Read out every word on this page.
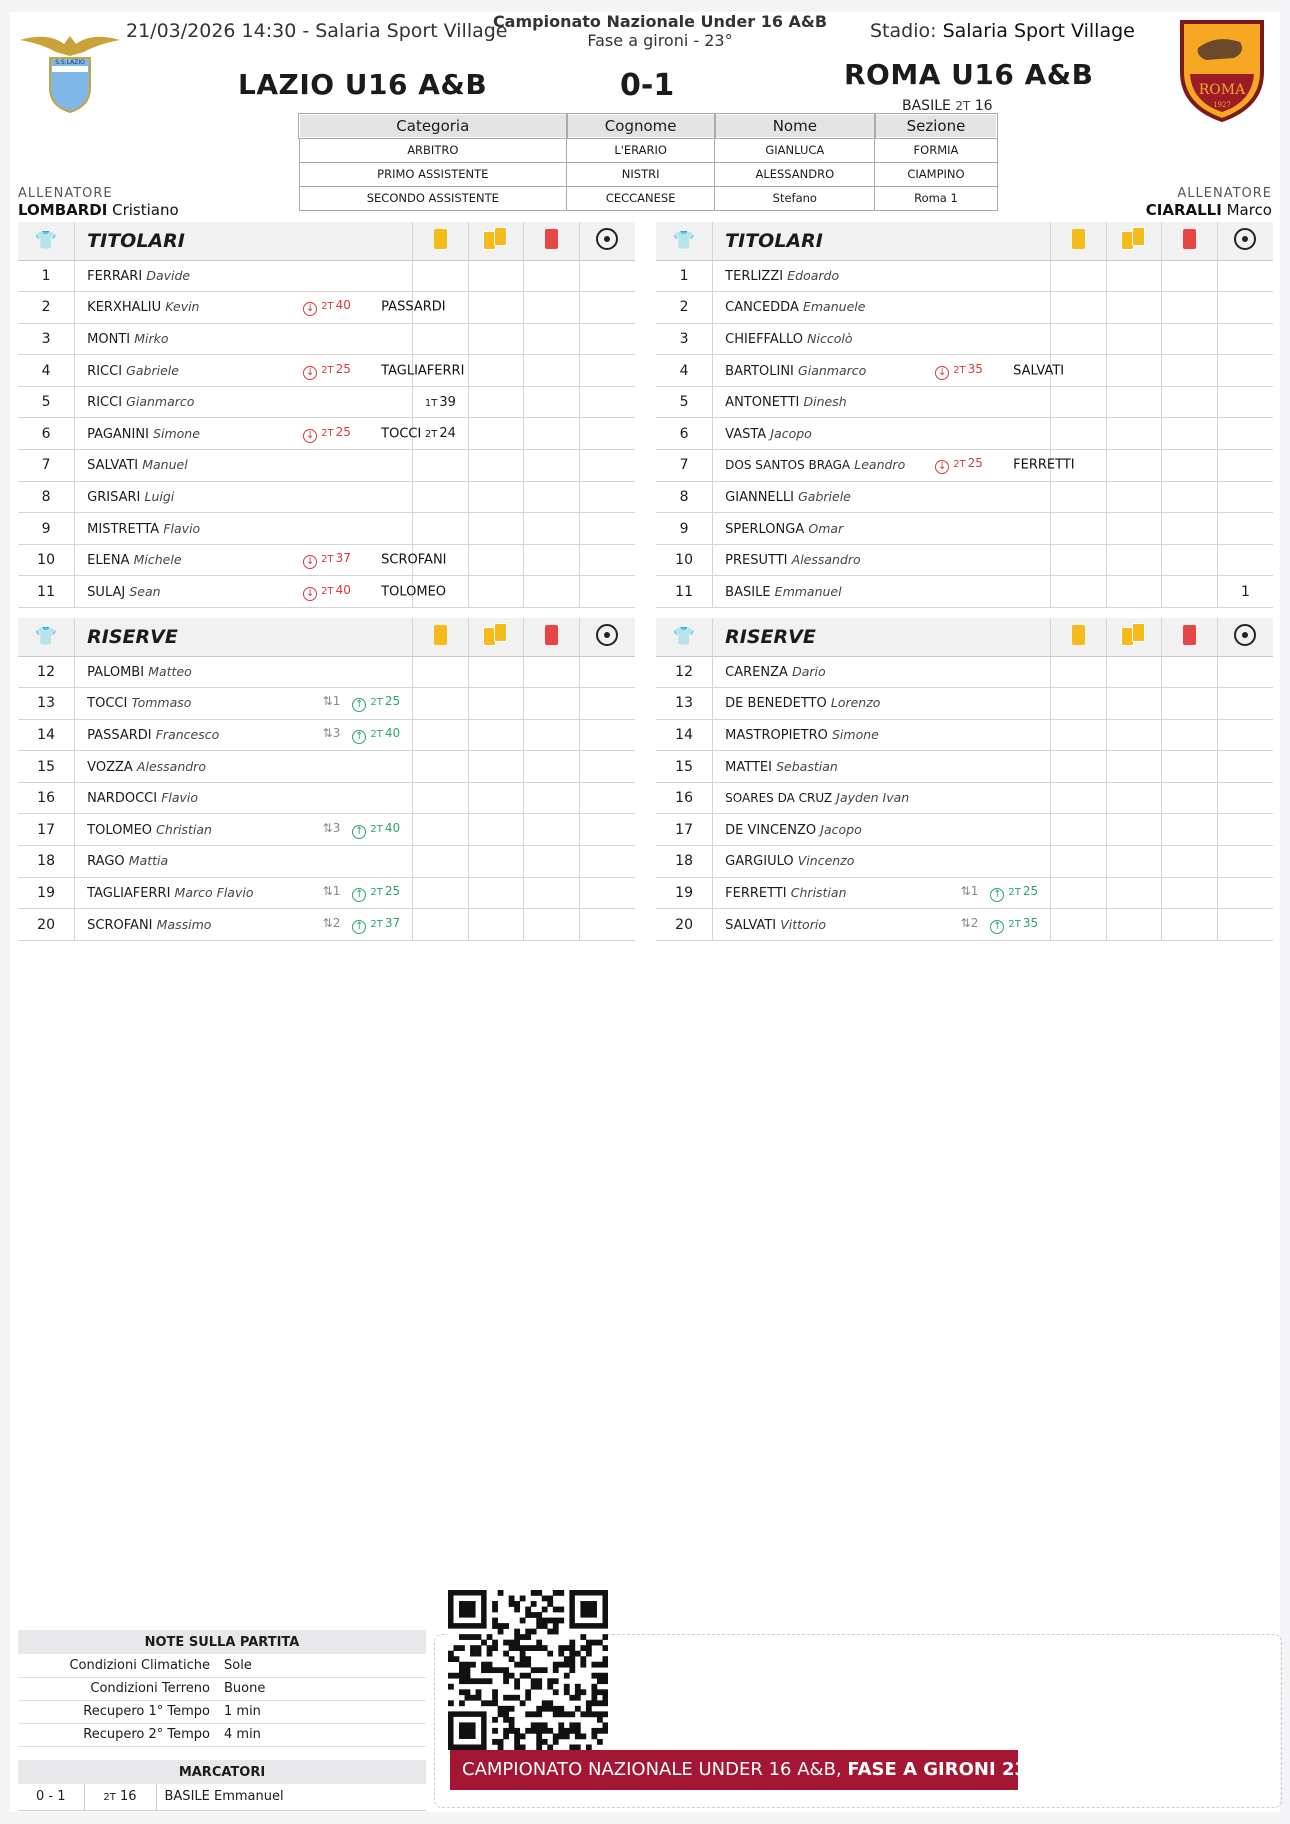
S.S.LAZIO
21/03/2026 14:30 - Salaria Sport Village
Campionato Nazionale Under 16 A&B
Fase a gironi - 23°	Stadio: Salaria Sport Village
ROMA
1927
LAZIO U16 A&B	0-1	ROMA U16 A&B
BASILE 2T 16
Categoria	Cognome	Nome	Sezione
ARBITRO	L'ERARIO	GIANLUCA	FORMIA
PRIMO ASSISTENTE	NISTRI	ALESSANDRO	CIAMPINO
SECONDO ASSISTENTE	CECCANESE	Stefano	Roma 1
ALLENATORE
LOMBARDI Cristiano
ALLENATORE
CIARALLI Marco
👕	TITOLARI		

1	FERRARI Davide				
2	KERXHALIU Kevin ↓ 2T 40 PASSARDI				

3	MONTI Mirko				
4	RICCI Gabriele ↓ 2T 25 TAGLIAFERRI				

5	RICCI Gianmarco	1T 39			
6	PAGANINI Simone ↓ 2T 25 TOCCI	2T 24			
7	SALVATI Manuel				
8	GRISARI Luigi				
9	MISTRETTA Flavio				
10	ELENA Michele ↓ 2T 37 SCROFANI				

11	SULAJ Sean ↓ 2T 40 TOLOMEO				

👕	RISERVE		

12	PALOMBI Matteo				
13	TOCCI Tommaso ⇅1 ↑ 2T 25				

14	PASSARDI Francesco ⇅3 ↑ 2T 40				

15	VOZZA Alessandro				
16	NARDOCCI Flavio				
17	TOLOMEO Christian ⇅3 ↑ 2T 40				

18	RAGO Mattia				
19	TAGLIAFERRI Marco Flavio ⇅1 ↑ 2T 25				

20	SCROFANI Massimo ⇅2 ↑ 2T 37				

👕	TITOLARI		

1	TERLIZZI Edoardo				
2	CANCEDDA Emanuele				
3	CHIEFFALLO Niccolò				
4	BARTOLINI Gianmarco ↓ 2T 35 SALVATI				

5	ANTONETTI Dinesh				
6	VASTA Jacopo				
7	DOS SANTOS BRAGA Leandro ↓ 2T 25 FERRETTI				

8	GIANNELLI Gabriele				
9	SPERLONGA Omar				
10	PRESUTTI Alessandro				
11	BASILE Emmanuel				1
👕	RISERVE		

12	CARENZA Dario				
13	DE BENEDETTO Lorenzo				
14	MASTROPIETRO Simone				
15	MATTEI Sebastian				
16	SOARES DA CRUZ Jayden Ivan				
17	DE VINCENZO Jacopo				
18	GARGIULO Vincenzo				
19	FERRETTI Christian ⇅1 ↑ 2T 25				

20	SALVATI Vittorio ⇅2 ↑ 2T 35				

NOTE SULLA PARTITA	
Condizioni Climatiche	Sole
Condizioni Terreno	Buone
Recupero 1° Tempo	1 min
Recupero 2° Tempo	4 min
MARCATORI
0 - 1	2T 16	BASILE Emmanuel
CAMPIONATO NAZIONALE UNDER 16 A&B, FASE A GIRONI 23°
